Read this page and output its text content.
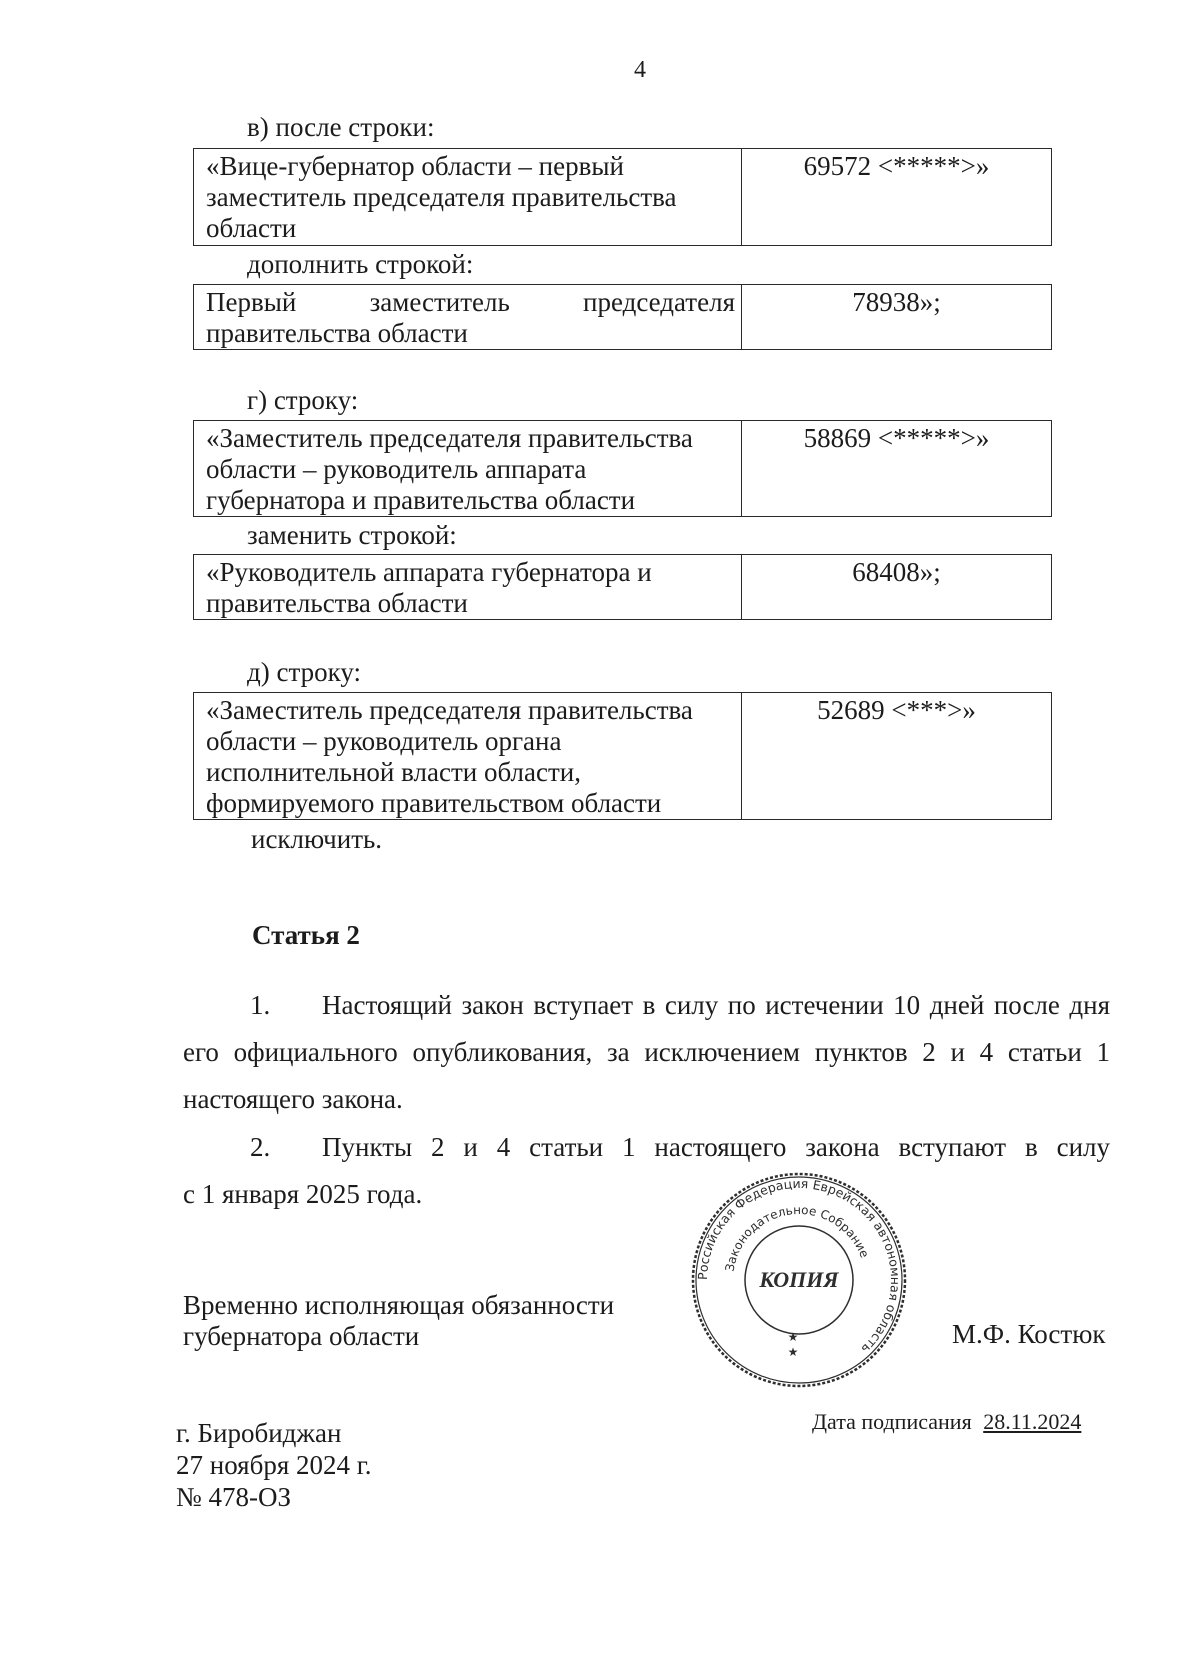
4
в) после строки:
«Вице-губернатор области – первый
заместитель председателя правительства
области

69572 <*****>»
дополнить строкой:
Первый	заместитель	председателя
правительства области

78938»;
г) строку:
«Заместитель председателя правительства
области – руководитель аппарата
губернатора и правительства области

58869 <*****>»
заменить строкой:
«Руководитель аппарата губернатора и
правительства области

68408»;
д) строку:
«Заместитель председателя правительства
области – руководитель органа
исполнительной власти области,
формируемого правительством области

52689 <***>»
исключить.
Статья 2
1. Настоящий закон вступает в силу по истечении 10 дней после дня
его официального опубликования, за исключением пунктов 2 и 4 статьи 1
настоящего закона.
2. Пункты 2 и 4 статьи 1 настоящего закона вступают в силу
с 1 января 2025 года.
Временно исполняющая обязанности
губернатора области	М.Ф. Костюк
Российская Федерация Еврейская автономная область
Законодательное Собрание
КОПИЯ
★
★
г. Биробиджан
27 ноября 2024 г.
№ 478-ОЗ
Дата подписания 28.11.2024
